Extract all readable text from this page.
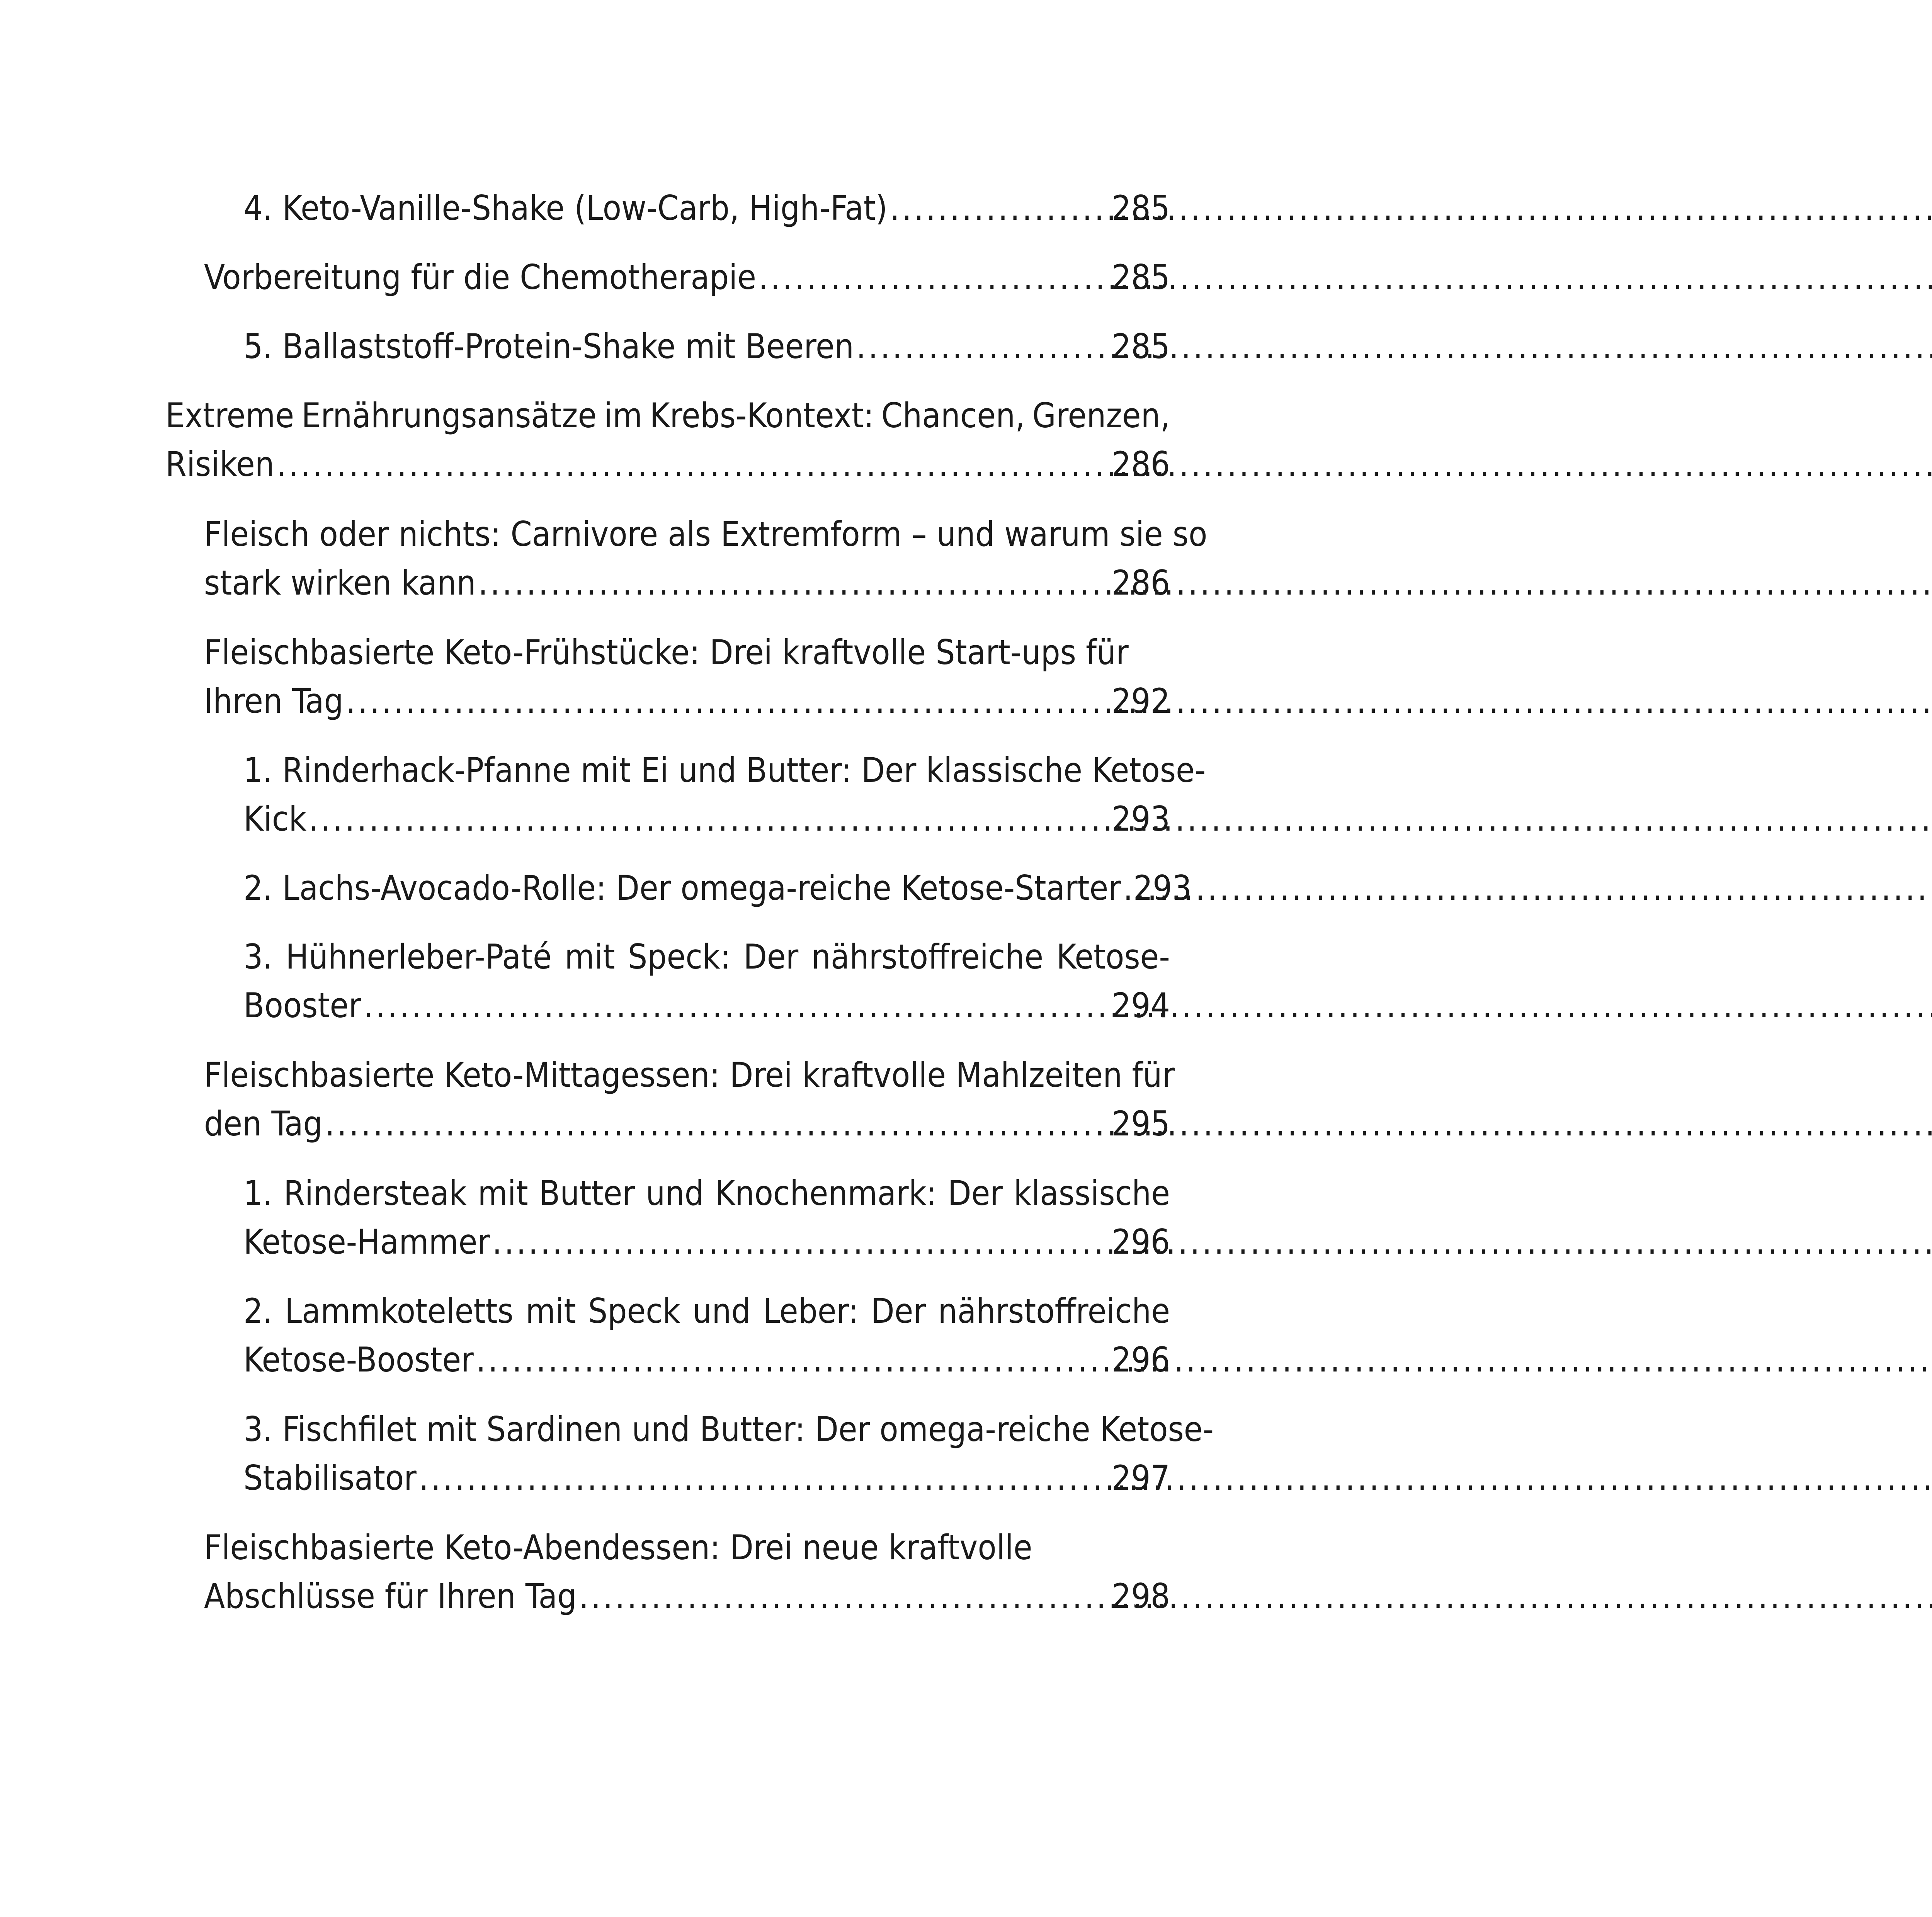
4. Keto-Vanille-Shake (Low-Carb, High-Fat) .....	285
Vorbereitung für die Chemotherapie .....	285
5. Ballaststoff-Protein-Shake mit Beeren .....	285
Extreme Ernährungsansätze im Krebs-Kontext: Chancen, Grenzen,
Risiken .....	286
Fleisch oder nichts: Carnivore als Extremform – und warum sie so
stark wirken kann .....	286
Fleischbasierte Keto-Frühstücke: Drei kraftvolle Start-ups für
Ihren Tag .....	292
1. Rinderhack-Pfanne mit Ei und Butter: Der klassische Ketose-
Kick .....	293
2. Lachs-Avocado-Rolle: Der omega-reiche Ketose-Starter ..... 293
3. Hühnerleber-Paté mit Speck: Der nährstoffreiche Ketose-
Booster .....	294
Fleischbasierte Keto-Mittagessen: Drei kraftvolle Mahlzeiten für
den Tag .....	295
1. Rindersteak mit Butter und Knochenmark: Der klassische
Ketose-Hammer .....	296
2. Lammkoteletts mit Speck und Leber: Der nährstoffreiche
Ketose-Booster .....	296
3. Fischfilet mit Sardinen und Butter: Der omega-reiche Ketose-
Stabilisator .....	297
Fleischbasierte Keto-Abendessen: Drei neue kraftvolle
Abschlüsse für Ihren Tag .....	298
